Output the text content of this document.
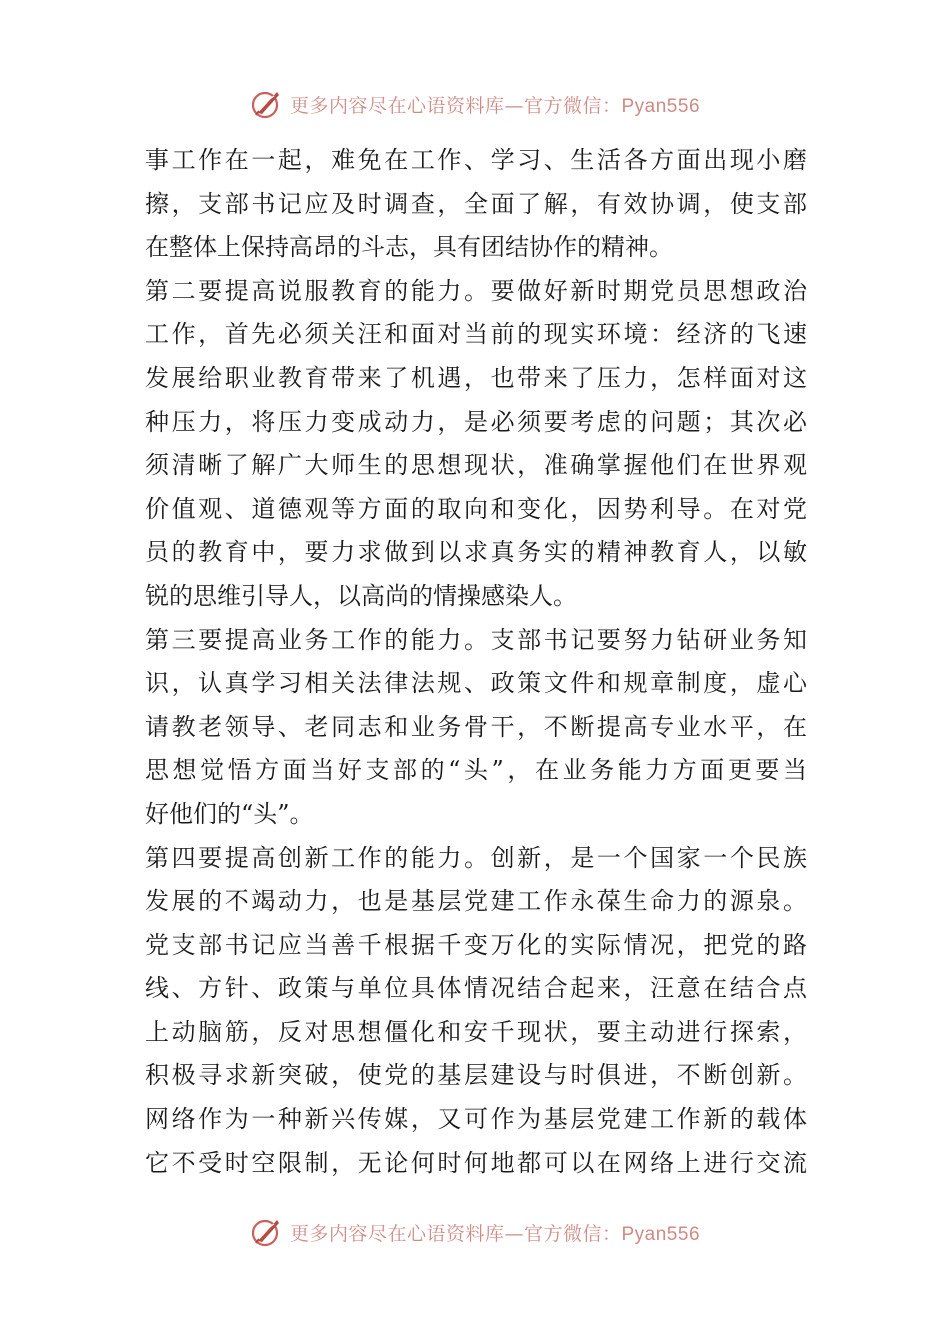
更多内容尽在心语资料库—官方微信：Pyan556
事工作在一起，难免在工作、学习、生活各方面出现小磨
擦，支部书记应及时调查，全面了解，有效协调，使支部
在整体上保持高昂的斗志，具有团结协作的精神。
第二要提高说服教育的能力。要做好新时期党员思想政治
工作，首先必须关汪和面对当前的现实环境：经济的飞速
发展给职业教育带来了机遇，也带来了压力，怎样面对这
种压力，将压力变成动力，是必须要考虑的问题；其次必
须清晰了解广大师生的思想现状，准确掌握他们在世界观
价值观、道德观等方面的取向和变化，因势利导。在对党
员的教育中，要力求做到以求真务实的精神教育人，以敏
锐的思维引导人，以高尚的情操感染人。
第三要提高业务工作的能力。支部书记要努力钻研业务知
识，认真学习相关法律法规、政策文件和规章制度，虚心
请教老领导、老同志和业务骨干，不断提高专业水平，在
思想觉悟方面当好支部的“头”，在业务能力方面更要当
好他们的“头”。
第四要提高创新工作的能力。创新，是一个国家一个民族
发展的不竭动力，也是基层党建工作永葆生命力的源泉。
党支部书记应当善千根据千变万化的实际情况，把党的路
线、方针、政策与单位具体情况结合起来，汪意在结合点
上动脑筋，反对思想僵化和安千现状，要主动进行探索，
积极寻求新突破，使党的基层建设与时俱进，不断创新。
网络作为一种新兴传媒，又可作为基层党建工作新的载体
它不受时空限制，无论何时何地都可以在网络上进行交流
更多内容尽在心语资料库—官方微信：Pyan556
